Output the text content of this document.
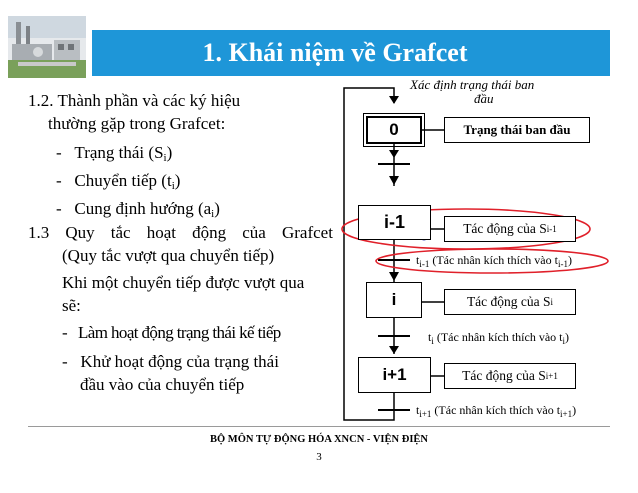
1. Khái niệm về Grafcet
1.2. Thành phần và các ký hiệu
thường gặp trong Grafcet:
- Trạng thái $(S_i)$
- Chuyển tiếp $(t_i)$
- Cung định hướng $(a_i)$
1.3 Quy tắc hoạt động của Grafcet
(Quy tắc vượt qua chuyển tiếp)
Khi một chuyển tiếp được vượt qua
sẽ:
- Làm hoạt động trạng thái kế tiếp
- Khử hoạt động của trạng thái
đầu vào của chuyển tiếp
Xác định trạng thái ban
đầu
0	Trạng thái ban đầu
i-1	Tác động của S i-1
i	Tác động của S i
i+1	Tác động của S i+1
$t_{i-1}$ (Tác nhân kích thích vào $t_{i-1}$)
$t_i$ (Tác nhân kích thích vào $t_i$)
$t_{i+1}$ (Tác nhân kích thích vào $t_{i+1}$)
BỘ MÔN TỰ ĐỘNG HÓA XNCN - VIỆN ĐIỆN
3
